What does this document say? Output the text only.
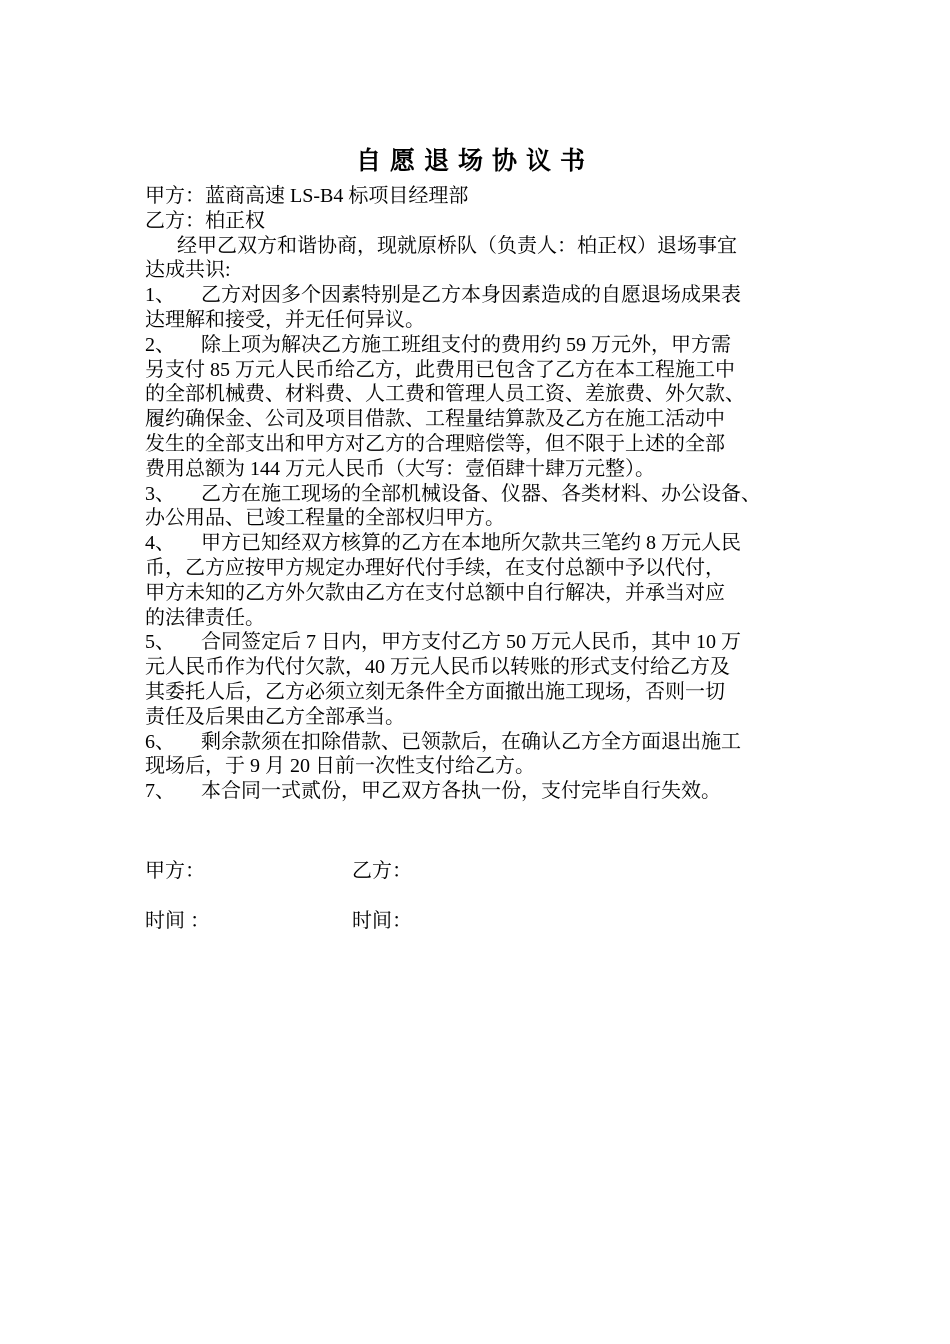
自愿退场协议书
甲方：蓝商高速 LS-B4 标项目经理部
乙方：柏正权
经甲乙双方和谐协商，现就原桥队（负责人：柏正权）退场事宜
达成共识:
1、	乙方对因多个因素特别是乙方本身因素造成的自愿退场成果表
达理解和接受，并无任何异议。
2、	除上项为解决乙方施工班组支付的费用约 59 万元外，甲方需
另支付 85 万元人民币给乙方，此费用已包含了乙方在本工程施工中
的全部机械费、材料费、人工费和管理人员工资、差旅费、外欠款、
履约确保金、公司及项目借款、工程量结算款及乙方在施工活动中
发生的全部支出和甲方对乙方的合理赔偿等，但不限于上述的全部
费用总额为 144 万元人民币（大写：壹佰肆十肆万元整）。
3、	乙方在施工现场的全部机械设备、仪器、各类材料、办公设备、
办公用品、已竣工程量的全部权归甲方。
4、	甲方已知经双方核算的乙方在本地所欠款共三笔约 8 万元人民
币，乙方应按甲方规定办理好代付手续，在支付总额中予以代付，
甲方未知的乙方外欠款由乙方在支付总额中自行解决，并承当对应
的法律责任。
5、	合同签定后 7 日内，甲方支付乙方 50 万元人民币，其中 10 万
元人民币作为代付欠款，40 万元人民币以转账的形式支付给乙方及
其委托人后，乙方必须立刻无条件全方面撤出施工现场，否则一切
责任及后果由乙方全部承当。
6、	剩余款须在扣除借款、已领款后，在确认乙方全方面退出施工
现场后，于 9 月 20 日前一次性支付给乙方。
7、	本合同一式贰份，甲乙双方各执一份，支付完毕自行失效。
甲方：	乙方：
时间 ：	时间：
